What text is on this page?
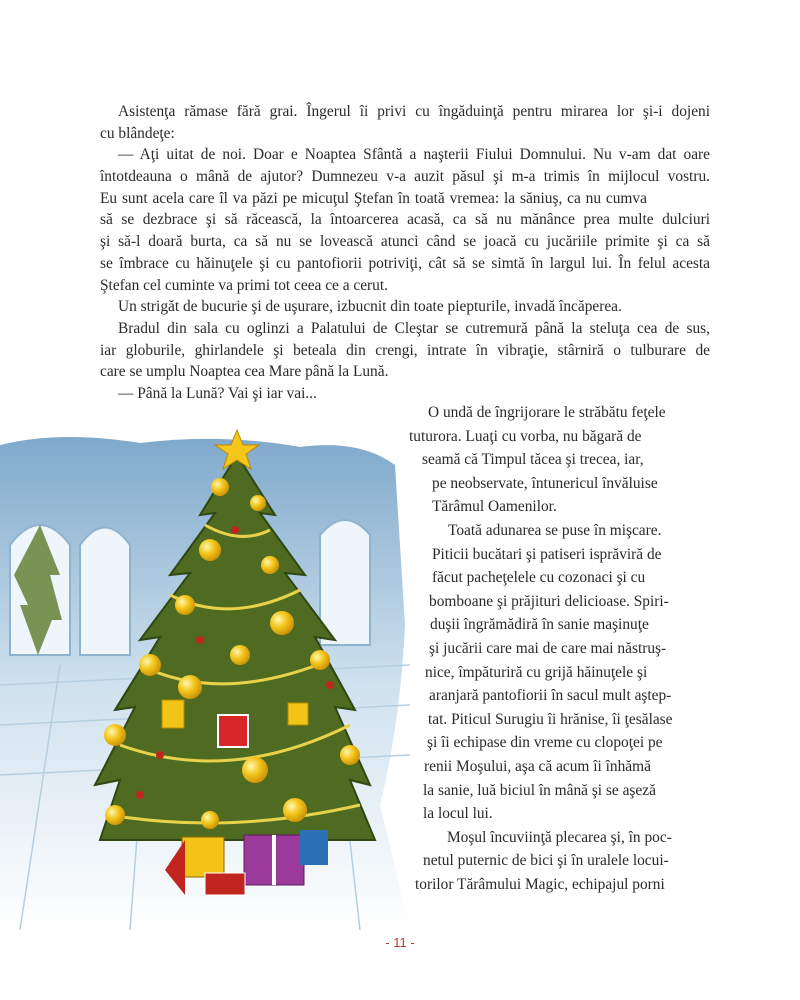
Asistenţa rămase fără grai. Îngerul îi privi cu îngăduinţă pentru mirarea lor şi-i dojeni
cu blândeţe:
— Aţi uitat de noi. Doar e Noaptea Sfântă a naşterii Fiului Domnului. Nu v-am dat oare
întotdeauna o mână de ajutor? Dumnezeu v-a auzit păsul şi m-a trimis în mijlocul vostru.
Eu sunt acela care îl va păzi pe micuţul Ştefan în toată vremea: la săniuş, ca nu cumva
să se dezbrace şi să răcească, la întoarcerea acasă, ca să nu mănânce prea multe dulciuri
şi să-l doară burta, ca să nu se lovească atunci când se joacă cu jucăriile primite şi ca să
se îmbrace cu hăinuţele şi cu pantofiorii potriviţi, cât să se simtă în largul lui. În felul acesta
Ştefan cel cuminte va primi tot ceea ce a cerut.
Un strigăt de bucurie şi de uşurare, izbucnit din toate piepturile, invadă încăperea.
Bradul din sala cu oglinzi a Palatului de Cleştar se cutremură până la steluţa cea de sus,
iar globurile, ghirlandele şi beteala din crengi, intrate în vibraţie, stârniră o tulburare de
care se umplu Noaptea cea Mare până la Lună.
— Până la Lună? Vai şi iar vai...
O undă de îngrijorare le străbătu feţele
tuturora. Luaţi cu vorba, nu băgară de
seamă că Timpul tăcea şi trecea, iar,
pe neobservate, întunericul învăluise
Tărâmul Oamenilor.
Toată adunarea se puse în mişcare.
Piticii bucătari şi patiseri isprăviră de
făcut pacheţelele cu cozonaci şi cu
bomboane şi prăjituri delicioase. Spiri-
duşii îngrămădiră în sanie maşinuţe
şi jucării care mai de care mai năstruş-
nice, împăturiră cu grijă hăinuţele şi
aranjară pantofiorii în sacul mult aştep-
tat. Piticul Surugiu îi hrănise, îi ţesălase
şi îi echipase din vreme cu clopoţei pe
renii Moşului, aşa că acum îi înhămă
la sanie, luă biciul în mână şi se aşeză
la locul lui.
Moşul încuviinţă plecarea şi, în poc-
netul puternic de bici şi în uralele locui-
torilor Tărâmului Magic, echipajul porni
- 11 -
